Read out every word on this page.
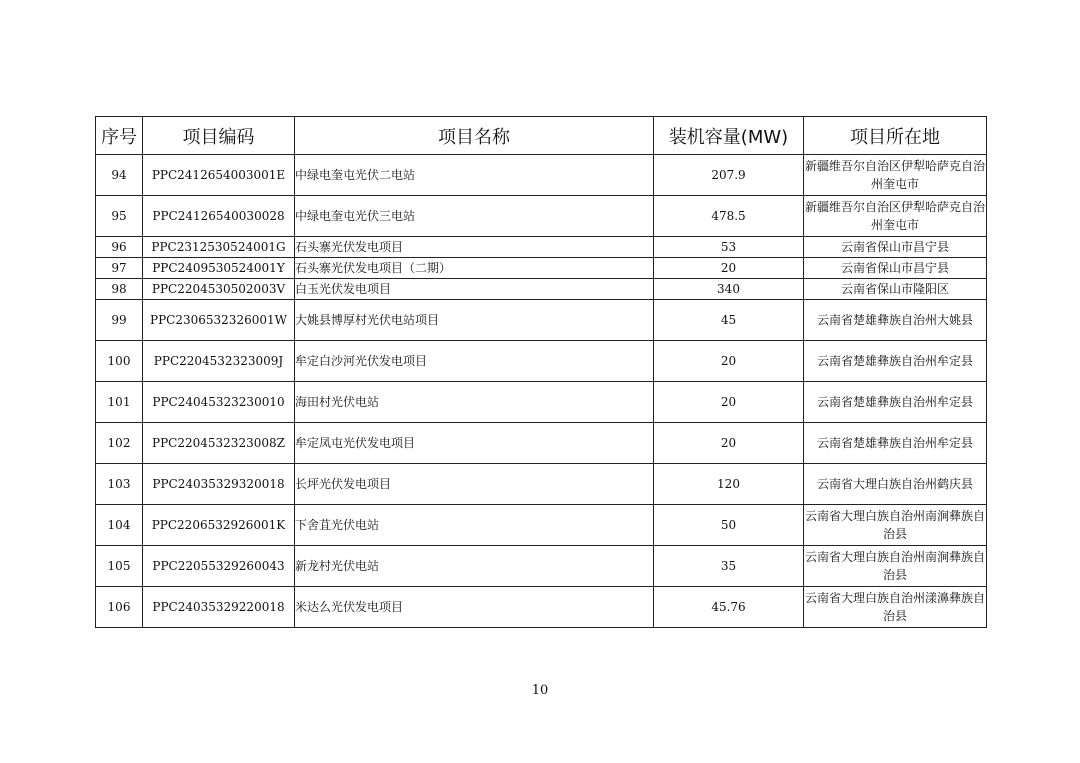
序号	项目编码	项目名称	装机容量(MW)	项目所在地
94	PPC2412654003001E	中绿电奎屯光伏二电站	207.9	新疆维吾尔自治区伊犁哈萨克自治州奎屯市
95	PPC24126540030028	中绿电奎屯光伏三电站	478.5	新疆维吾尔自治区伊犁哈萨克自治州奎屯市
96	PPC2312530524001G	石头寨光伏发电项目	53	云南省保山市昌宁县
97	PPC2409530524001Y	石头寨光伏发电项目（二期）	20	云南省保山市昌宁县
98	PPC2204530502003V	白玉光伏发电项目	340	云南省保山市隆阳区
99	PPC2306532326001W	大姚县博厚村光伏电站项目	45	云南省楚雄彝族自治州大姚县
100	PPC2204532323009J	牟定白沙河光伏发电项目	20	云南省楚雄彝族自治州牟定县
101	PPC24045323230010	海田村光伏电站	20	云南省楚雄彝族自治州牟定县
102	PPC2204532323008Z	牟定凤屯光伏发电项目	20	云南省楚雄彝族自治州牟定县
103	PPC24035329320018	长坪光伏发电项目	120	云南省大理白族自治州鹤庆县
104	PPC2206532926001K	下舍苴光伏电站	50	云南省大理白族自治州南涧彝族自治县
105	PPC22055329260043	新龙村光伏电站	35	云南省大理白族自治州南涧彝族自治县
106	PPC24035329220018	米达么光伏发电项目	45.76	云南省大理白族自治州漾濞彝族自治县
10
